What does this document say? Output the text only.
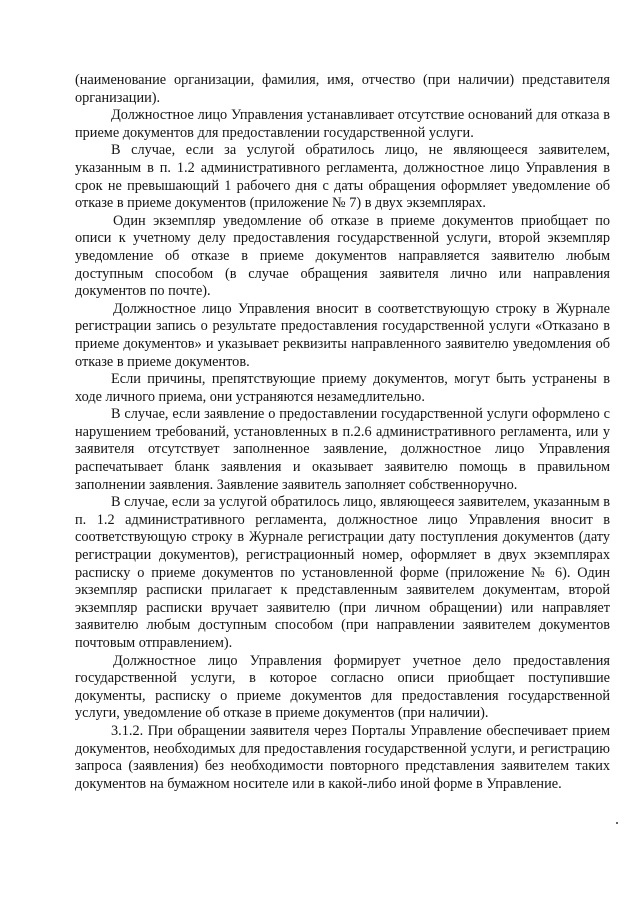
(наименование организации, фамилия, имя, отчество (при наличии) представителя организации).

Должностное лицо Управления устанавливает отсутствие оснований для отказа в приеме документов для предоставлении государственной услуги.

В случае, если за услугой обратилось лицо, не являющееся заявителем, указанным в п. 1.2 административного регламента, должностное лицо Управления в срок не превышающий 1 рабочего дня с даты обращения оформляет уведомление об отказе в приеме документов (приложение № 7) в двух экземплярах.

Один экземпляр уведомление об отказе в приеме документов приобщает по описи к учетному делу предоставления государственной услуги, второй экземпляр уведомление об отказе в приеме документов направляется заявителю любым доступным способом (в случае обращения заявителя лично или направления документов по почте).

Должностное лицо Управления вносит в соответствующую строку в Журнале регистрации запись о результате предоставления государственной услуги «Отказано в приеме документов» и указывает реквизиты направленного заявителю уведомления об отказе в приеме документов.

Если причины, препятствующие приему документов, могут быть устранены в ходе личного приема, они устраняются незамедлительно.

В случае, если заявление о предоставлении государственной услуги оформлено с нарушением требований, установленных в п.2.6 административного регламента, или у заявителя отсутствует заполненное заявление, должностное лицо Управления распечатывает бланк заявления и оказывает заявителю помощь в правильном заполнении заявления. Заявление заявитель заполняет собственноручно.

В случае, если за услугой обратилось лицо, являющееся заявителем, указанным в п. 1.2 административного регламента, должностное лицо Управления вносит в соответствующую строку в Журнале регистрации дату поступления документов (дату регистрации документов), регистрационный номер, оформляет в двух экземплярах расписку о приеме документов по установленной форме (приложение № 6). Один экземпляр расписки прилагает к представленным заявителем документам, второй экземпляр расписки вручает заявителю (при личном обращении) или направляет заявителю любым доступным способом (при направлении заявителем документов почтовым отправлением).

Должностное лицо Управления формирует учетное дело предоставления государственной услуги, в которое согласно описи приобщает поступившие документы, расписку о приеме документов для предоставления государственной услуги, уведомление об отказе в приеме документов (при наличии).

3.1.2. При обращении заявителя через Порталы Управление обеспечивает прием документов, необходимых для предоставления государственной услуги, и регистрацию запроса (заявления) без необходимости повторного представления заявителем таких документов на бумажном носителе или в какой-либо иной форме в Управление.
